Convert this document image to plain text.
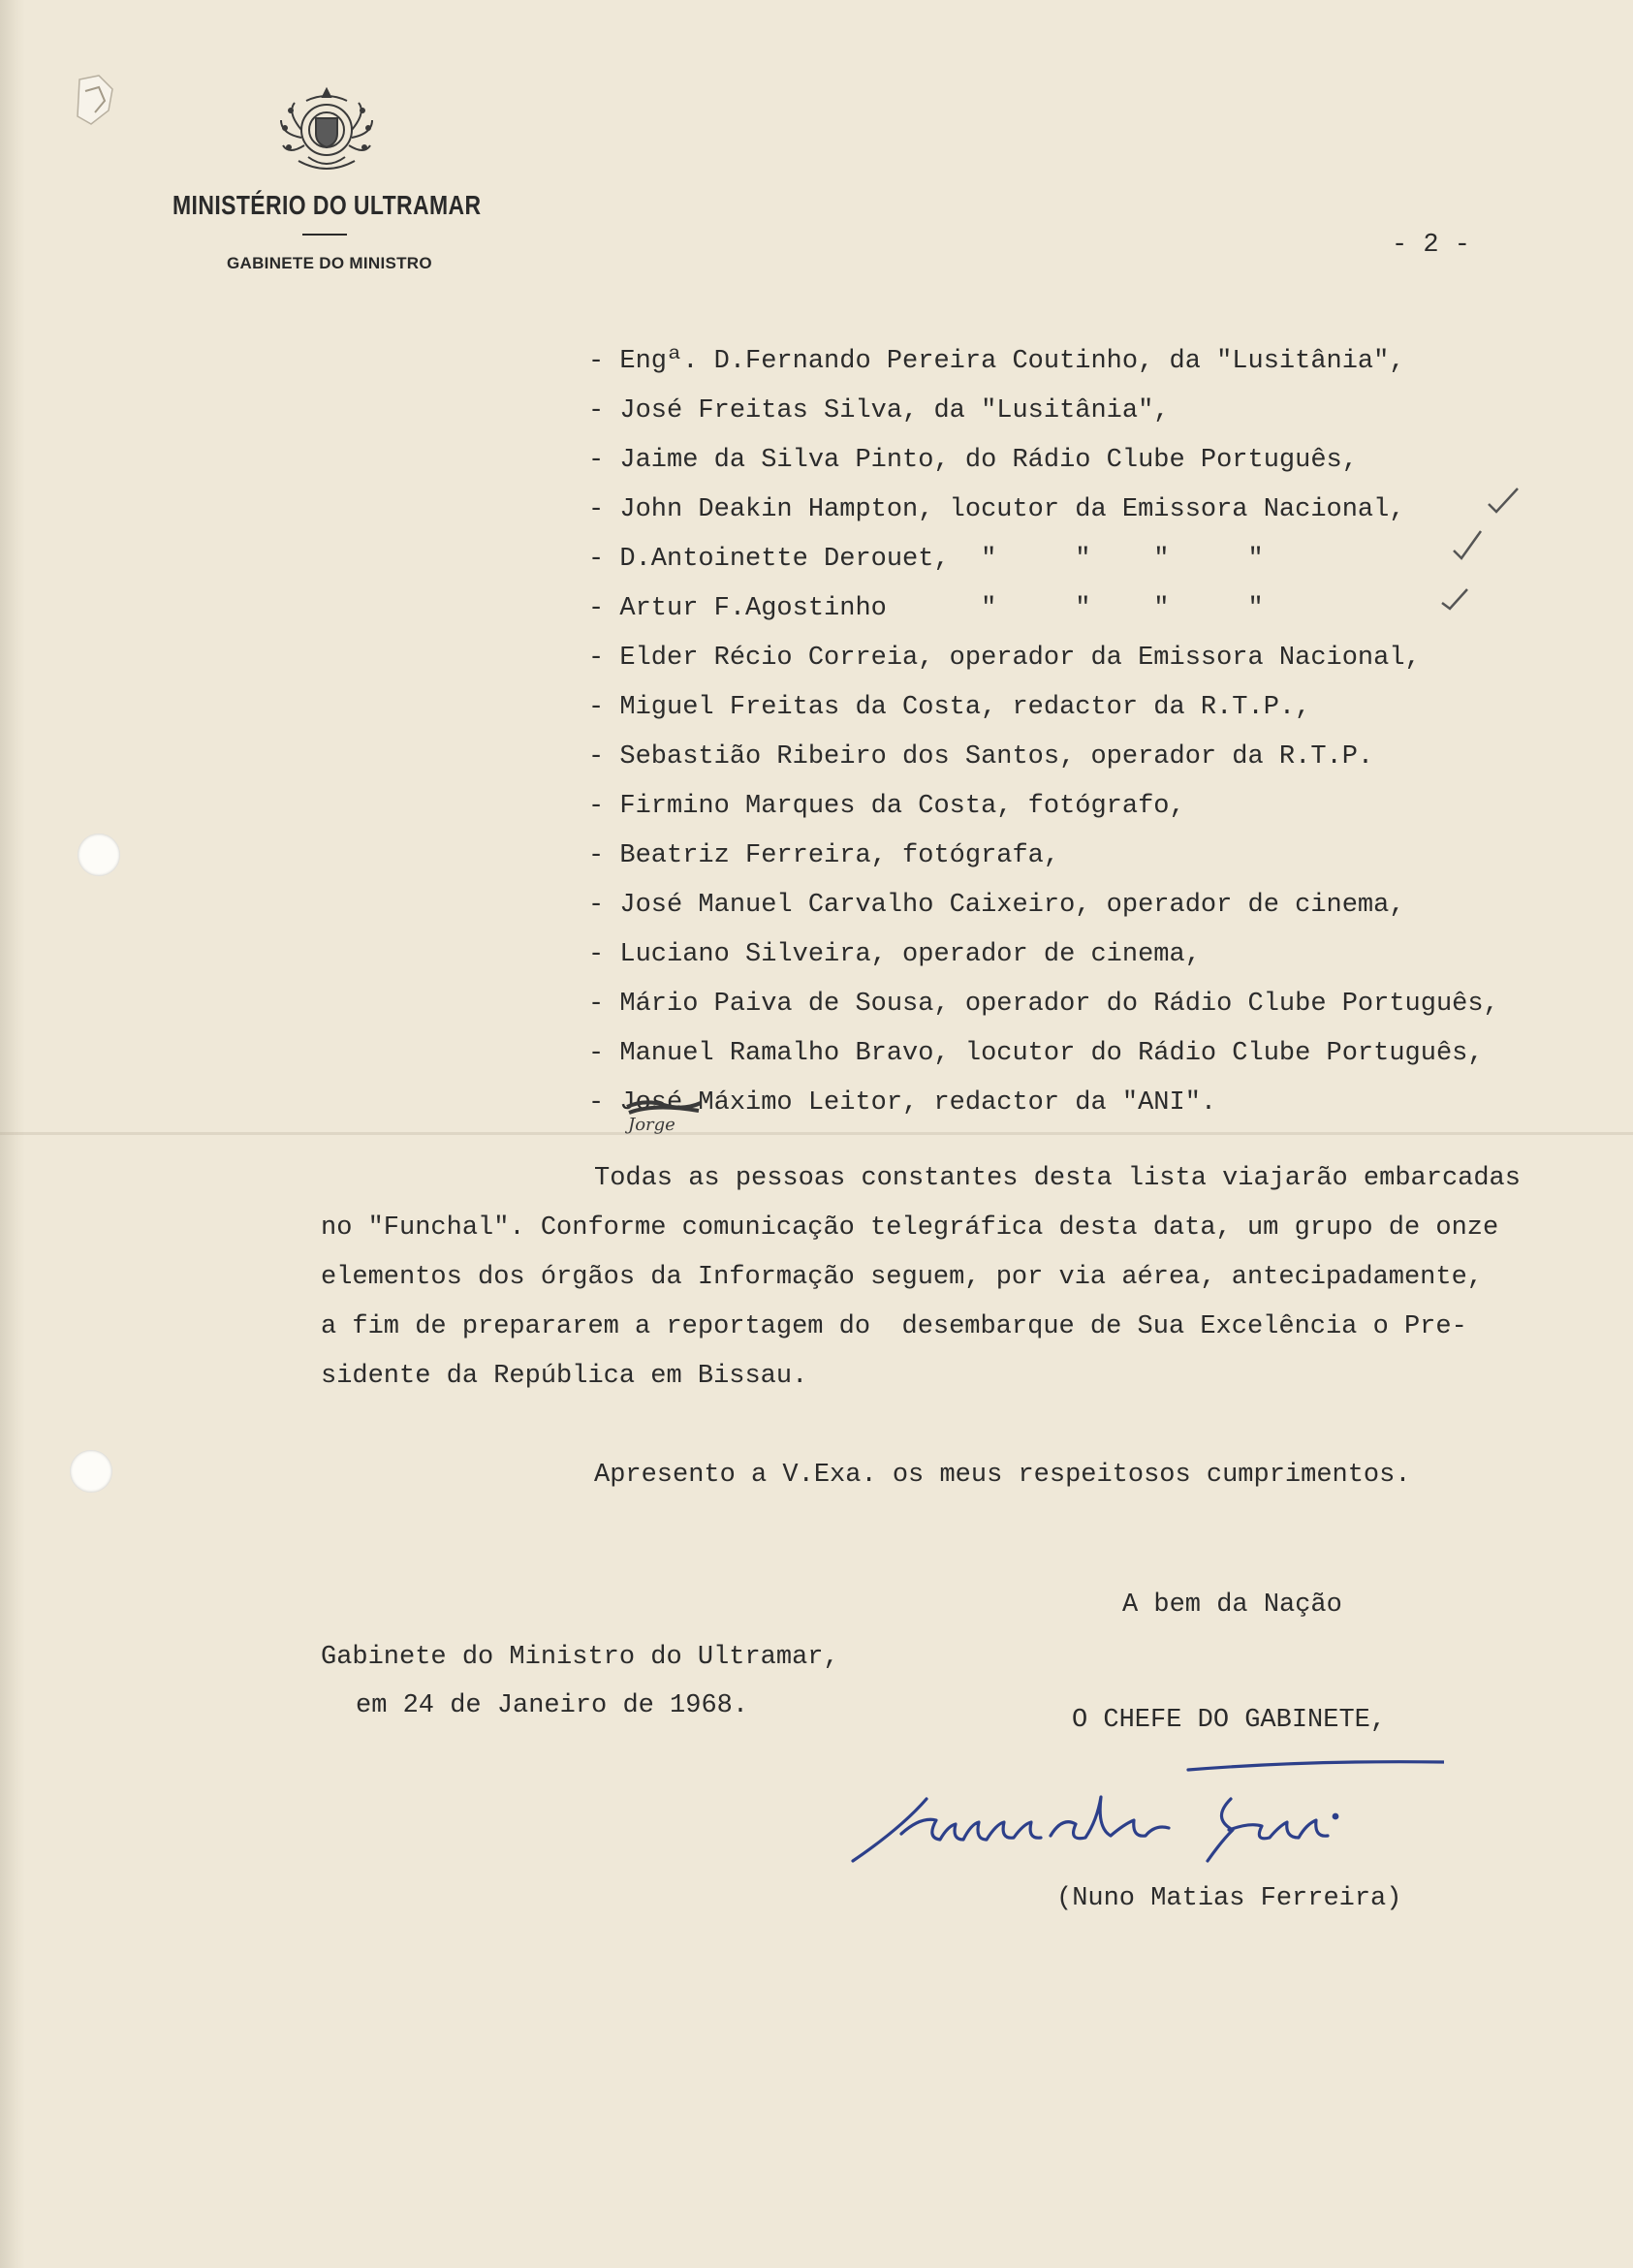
MINISTÉRIO DO ULTRAMAR
GABINETE DO MINISTRO
- 2 -
- Engª. D.Fernando Pereira Coutinho, da "Lusitânia",
- José Freitas Silva, da "Lusitânia",
- Jaime da Silva Pinto, do Rádio Clube Português,
- John Deakin Hampton, locutor da Emissora Nacional,
- D.Antoinette Derouet,  "     "    "     "
- Artur F.Agostinho      "     "    "     "
- Elder Récio Correia, operador da Emissora Nacional,
- Miguel Freitas da Costa, redactor da R.T.P.,
- Sebastião Ribeiro dos Santos, operador da R.T.P.
- Firmino Marques da Costa, fotógrafo,
- Beatriz Ferreira, fotógrafa,
- José Manuel Carvalho Caixeiro, operador de cinema,
- Luciano Silveira, operador de cinema,
- Mário Paiva de Sousa, operador do Rádio Clube Português,
- Manuel Ramalho Bravo, locutor do Rádio Clube Português,
- José Máximo Leitor, redactor da "ANI".
Jorge
Todas as pessoas constantes desta lista viajarão embarcadas
no "Funchal". Conforme comunicação telegráfica desta data, um grupo de onze
elementos dos órgãos da Informação seguem, por via aérea, antecipadamente,
a fim de prepararem a reportagem do  desembarque de Sua Excelência o Pre-
sidente da República em Bissau.
Apresento a V.Exa. os meus respeitosos cumprimentos.
A bem da Nação
Gabinete do Ministro do Ultramar,
em 24 de Janeiro de 1968.	O CHEFE DO GABINETE,
(Nuno Matias Ferreira)
